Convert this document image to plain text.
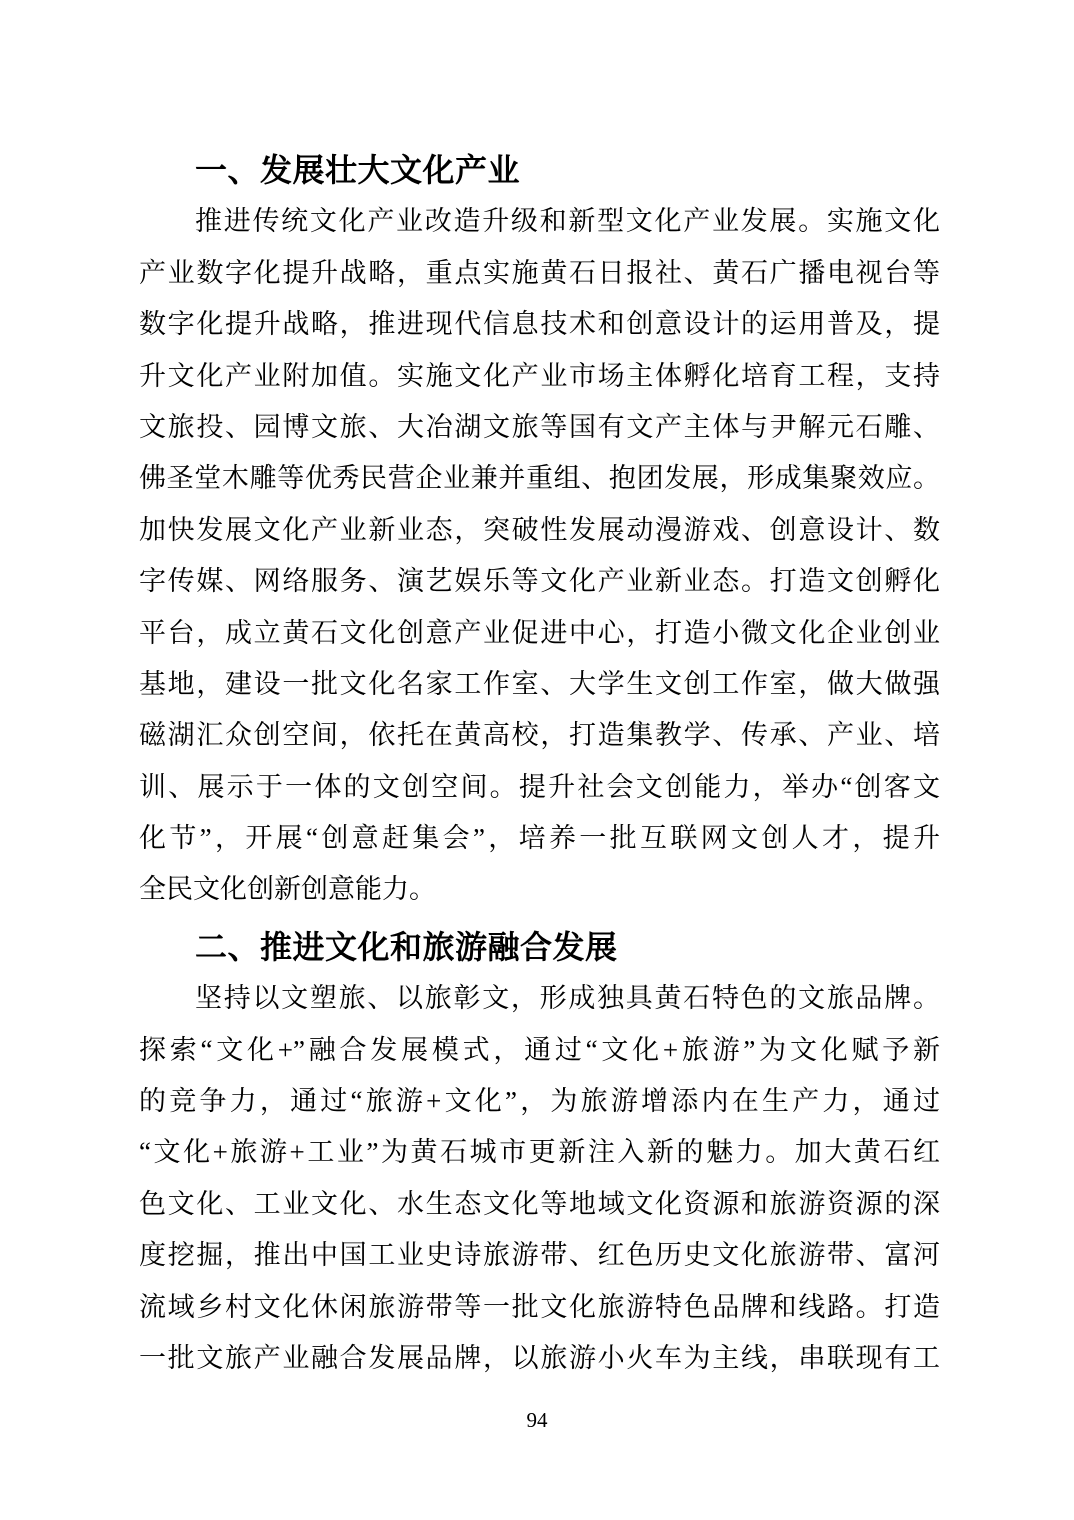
一、发展壮大文化产业
推进传统文化产业改造升级和新型文化产业发展。实施文化
产业数字化提升战略，重点实施黄石日报社、黄石广播电视台等
数字化提升战略，推进现代信息技术和创意设计的运用普及，提
升文化产业附加值。实施文化产业市场主体孵化培育工程，支持
文旅投、园博文旅、大冶湖文旅等国有文产主体与尹解元石雕、
佛圣堂木雕等优秀民营企业兼并重组、抱团发展，形成集聚效应。
加快发展文化产业新业态，突破性发展动漫游戏、创意设计、数
字传媒、网络服务、演艺娱乐等文化产业新业态。打造文创孵化
平台，成立黄石文化创意产业促进中心，打造小微文化企业创业
基地，建设一批文化名家工作室、大学生文创工作室，做大做强
磁湖汇众创空间，依托在黄高校，打造集教学、传承、产业、培
训、展示于一体的文创空间。提升社会文创能力，举办“创客文
化节”，开展“创意赶集会”，培养一批互联网文创人才，提升
全民文化创新创意能力。
二、推进文化和旅游融合发展
坚持以文塑旅、以旅彰文，形成独具黄石特色的文旅品牌。
探索“文化+”融合发展模式，通过“文化+旅游”为文化赋予新
的竞争力，通过“旅游+文化”，为旅游增添内在生产力，通过
“文化+旅游+工业”为黄石城市更新注入新的魅力。加大黄石红
色文化、工业文化、水生态文化等地域文化资源和旅游资源的深
度挖掘，推出中国工业史诗旅游带、红色历史文化旅游带、富河
流域乡村文化休闲旅游带等一批文化旅游特色品牌和线路。打造
一批文旅产业融合发展品牌，以旅游小火车为主线，串联现有工
94
